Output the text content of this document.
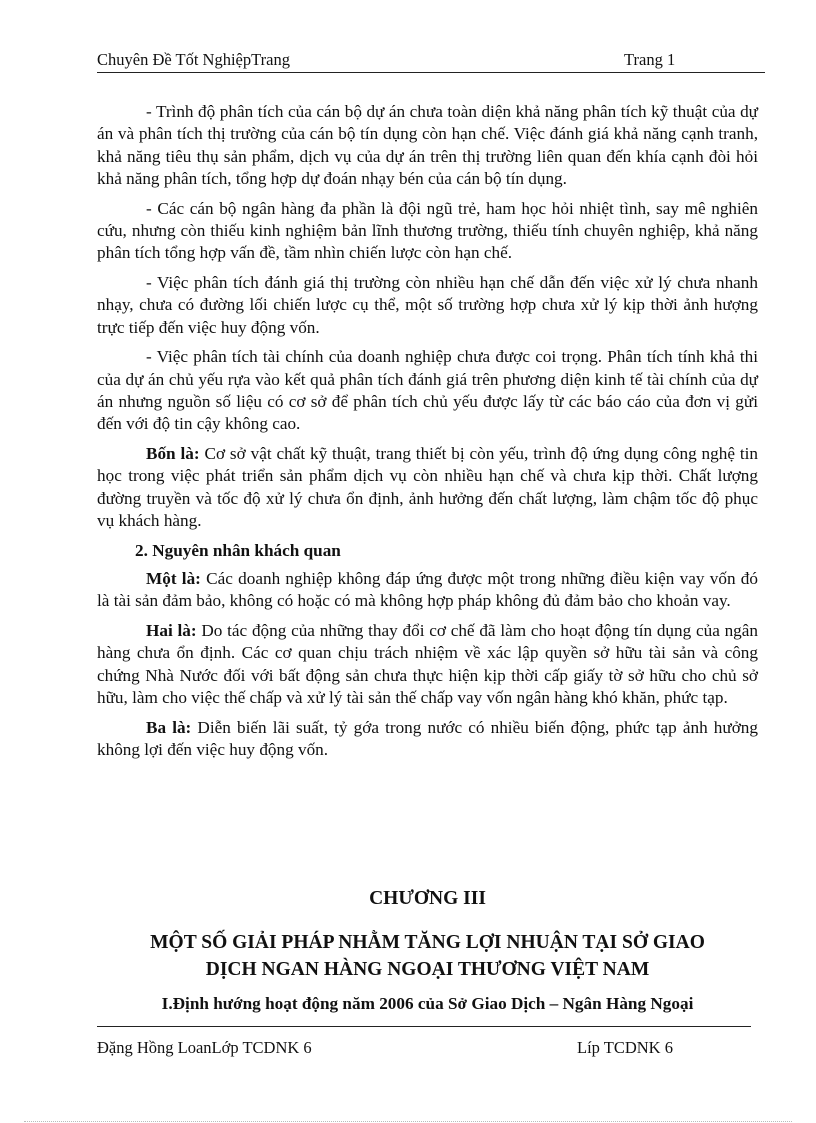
Chuyên Đề Tốt NghiệpTrang	Trang 1

- Trình độ phân tích của cán bộ dự án chưa toàn diện khả năng phân tích kỹ thuật của dự án và phân tích thị trường của cán bộ tín dụng còn hạn chế. Việc đánh giá khả năng cạnh tranh, khả năng tiêu thụ sản phẩm, dịch vụ của dự án trên thị trường liên quan đến khía cạnh đòi hỏi khả năng phân tích, tổng hợp dự đoán nhạy bén của cán bộ tín dụng.

- Các cán bộ ngân hàng đa phần là đội ngũ trẻ, ham học hỏi nhiệt tình, say mê nghiên cứu, nhưng còn thiếu kinh nghiệm bản lĩnh thương trường, thiếu tính chuyên nghiệp, khả năng phân tích tổng hợp vấn đề, tầm nhìn chiến lược còn hạn chế.

- Việc phân tích đánh giá thị trường còn nhiều hạn chế dẫn đến việc xử lý chưa nhanh nhạy, chưa có đường lối chiến lược cụ thể, một số trường hợp chưa xử lý kịp thời ảnh hượng trực tiếp đến việc huy động vốn.

- Việc phân tích tài chính của doanh nghiệp chưa được coi trọng. Phân tích tính khả thi của dự án chủ yếu rựa vào kết quả phân tích đánh giá trên phương diện kinh tế tài chính của dự án nhưng nguồn số liệu có cơ sở để phân tích chủ yếu được lấy từ các báo cáo của đơn vị gửi đến với độ tin cậy không cao.

Bốn là: Cơ sở vật chất kỹ thuật, trang thiết bị còn yếu, trình độ ứng dụng công nghệ tin học trong việc phát triển sản phẩm dịch vụ còn nhiều hạn chế và chưa kịp thời. Chất lượng đường truyền và tốc độ xử lý chưa ổn định, ảnh hưởng đến chất lượng, làm chậm tốc độ phục vụ khách hàng.

2. Nguyên nhân khách quan

Một là: Các doanh nghiệp không đáp ứng được một trong những điều kiện vay vốn đó là tài sản đảm bảo, không có hoặc có mà không hợp pháp không đủ đảm bảo cho khoản vay.

Hai là: Do tác động của những thay đổi cơ chế đã làm cho hoạt động tín dụng của ngân hàng chưa ổn định. Các cơ quan chịu trách nhiệm về xác lập quyền sở hữu tài sản và công chứng Nhà Nước đối với bất động sản chưa thực hiện kịp thời cấp giấy tờ sở hữu cho chủ sở hữu, làm cho việc thế chấp và xử lý tài sản thế chấp vay vốn ngân hàng khó khăn, phức tạp.

Ba là: Diễn biến lãi suất, tỷ gớa trong nước có nhiều biến động, phức tạp ảnh hưởng không lợi đến việc huy động vốn.

CHƯƠNG III
MỘT SỐ GIẢI PHÁP NHẰM TĂNG LỢI NHUẬN TẠI SỞ GIAO
DỊCH NGAN HÀNG NGOẠI THƯƠNG VIỆT NAM
I.Định hướng hoạt động năm 2006 của Sở Giao Dịch – Ngân Hàng Ngoại
Đặng Hồng LoanLớp TCDNK 6	Líp TCDNK 6
